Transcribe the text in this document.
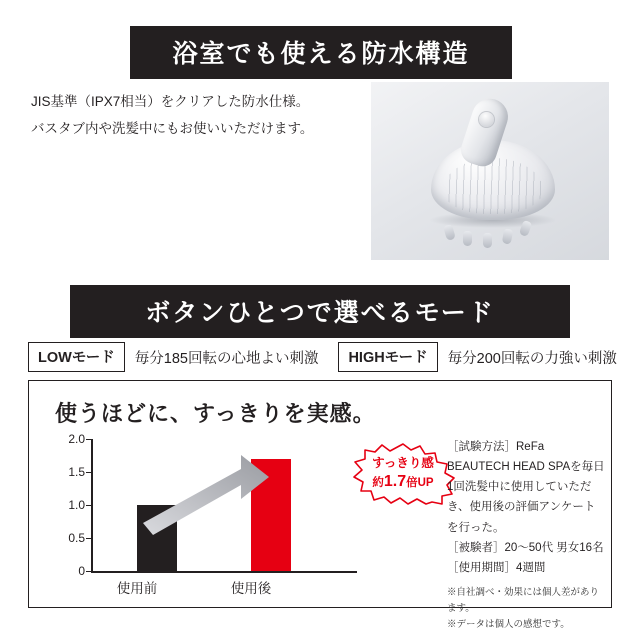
浴室でも使える防水構造
JIS基準（IPX7相当）をクリアした防水仕様。
バスタブ内や洗髪中にもお使いいただけます。
ボタンひとつで選べるモード
LOWモード	毎分185回転の心地よい刺激	HIGHモード	毎分200回転の力強い刺激
使うほどに、すっきりを実感。
2.0
1.5
1.0
0.5
0
使用前	使用後
すっきり感
約1.7倍UP
［試験方法］ReFa BEAUTECH HEAD SPAを毎日1回洗髪中に使用していただき、使用後の評価アンケートを行った。
［被験者］20〜50代 男女16名
［使用期間］4週間
※自社調べ・効果には個人差があります。
※データは個人の感想です。
